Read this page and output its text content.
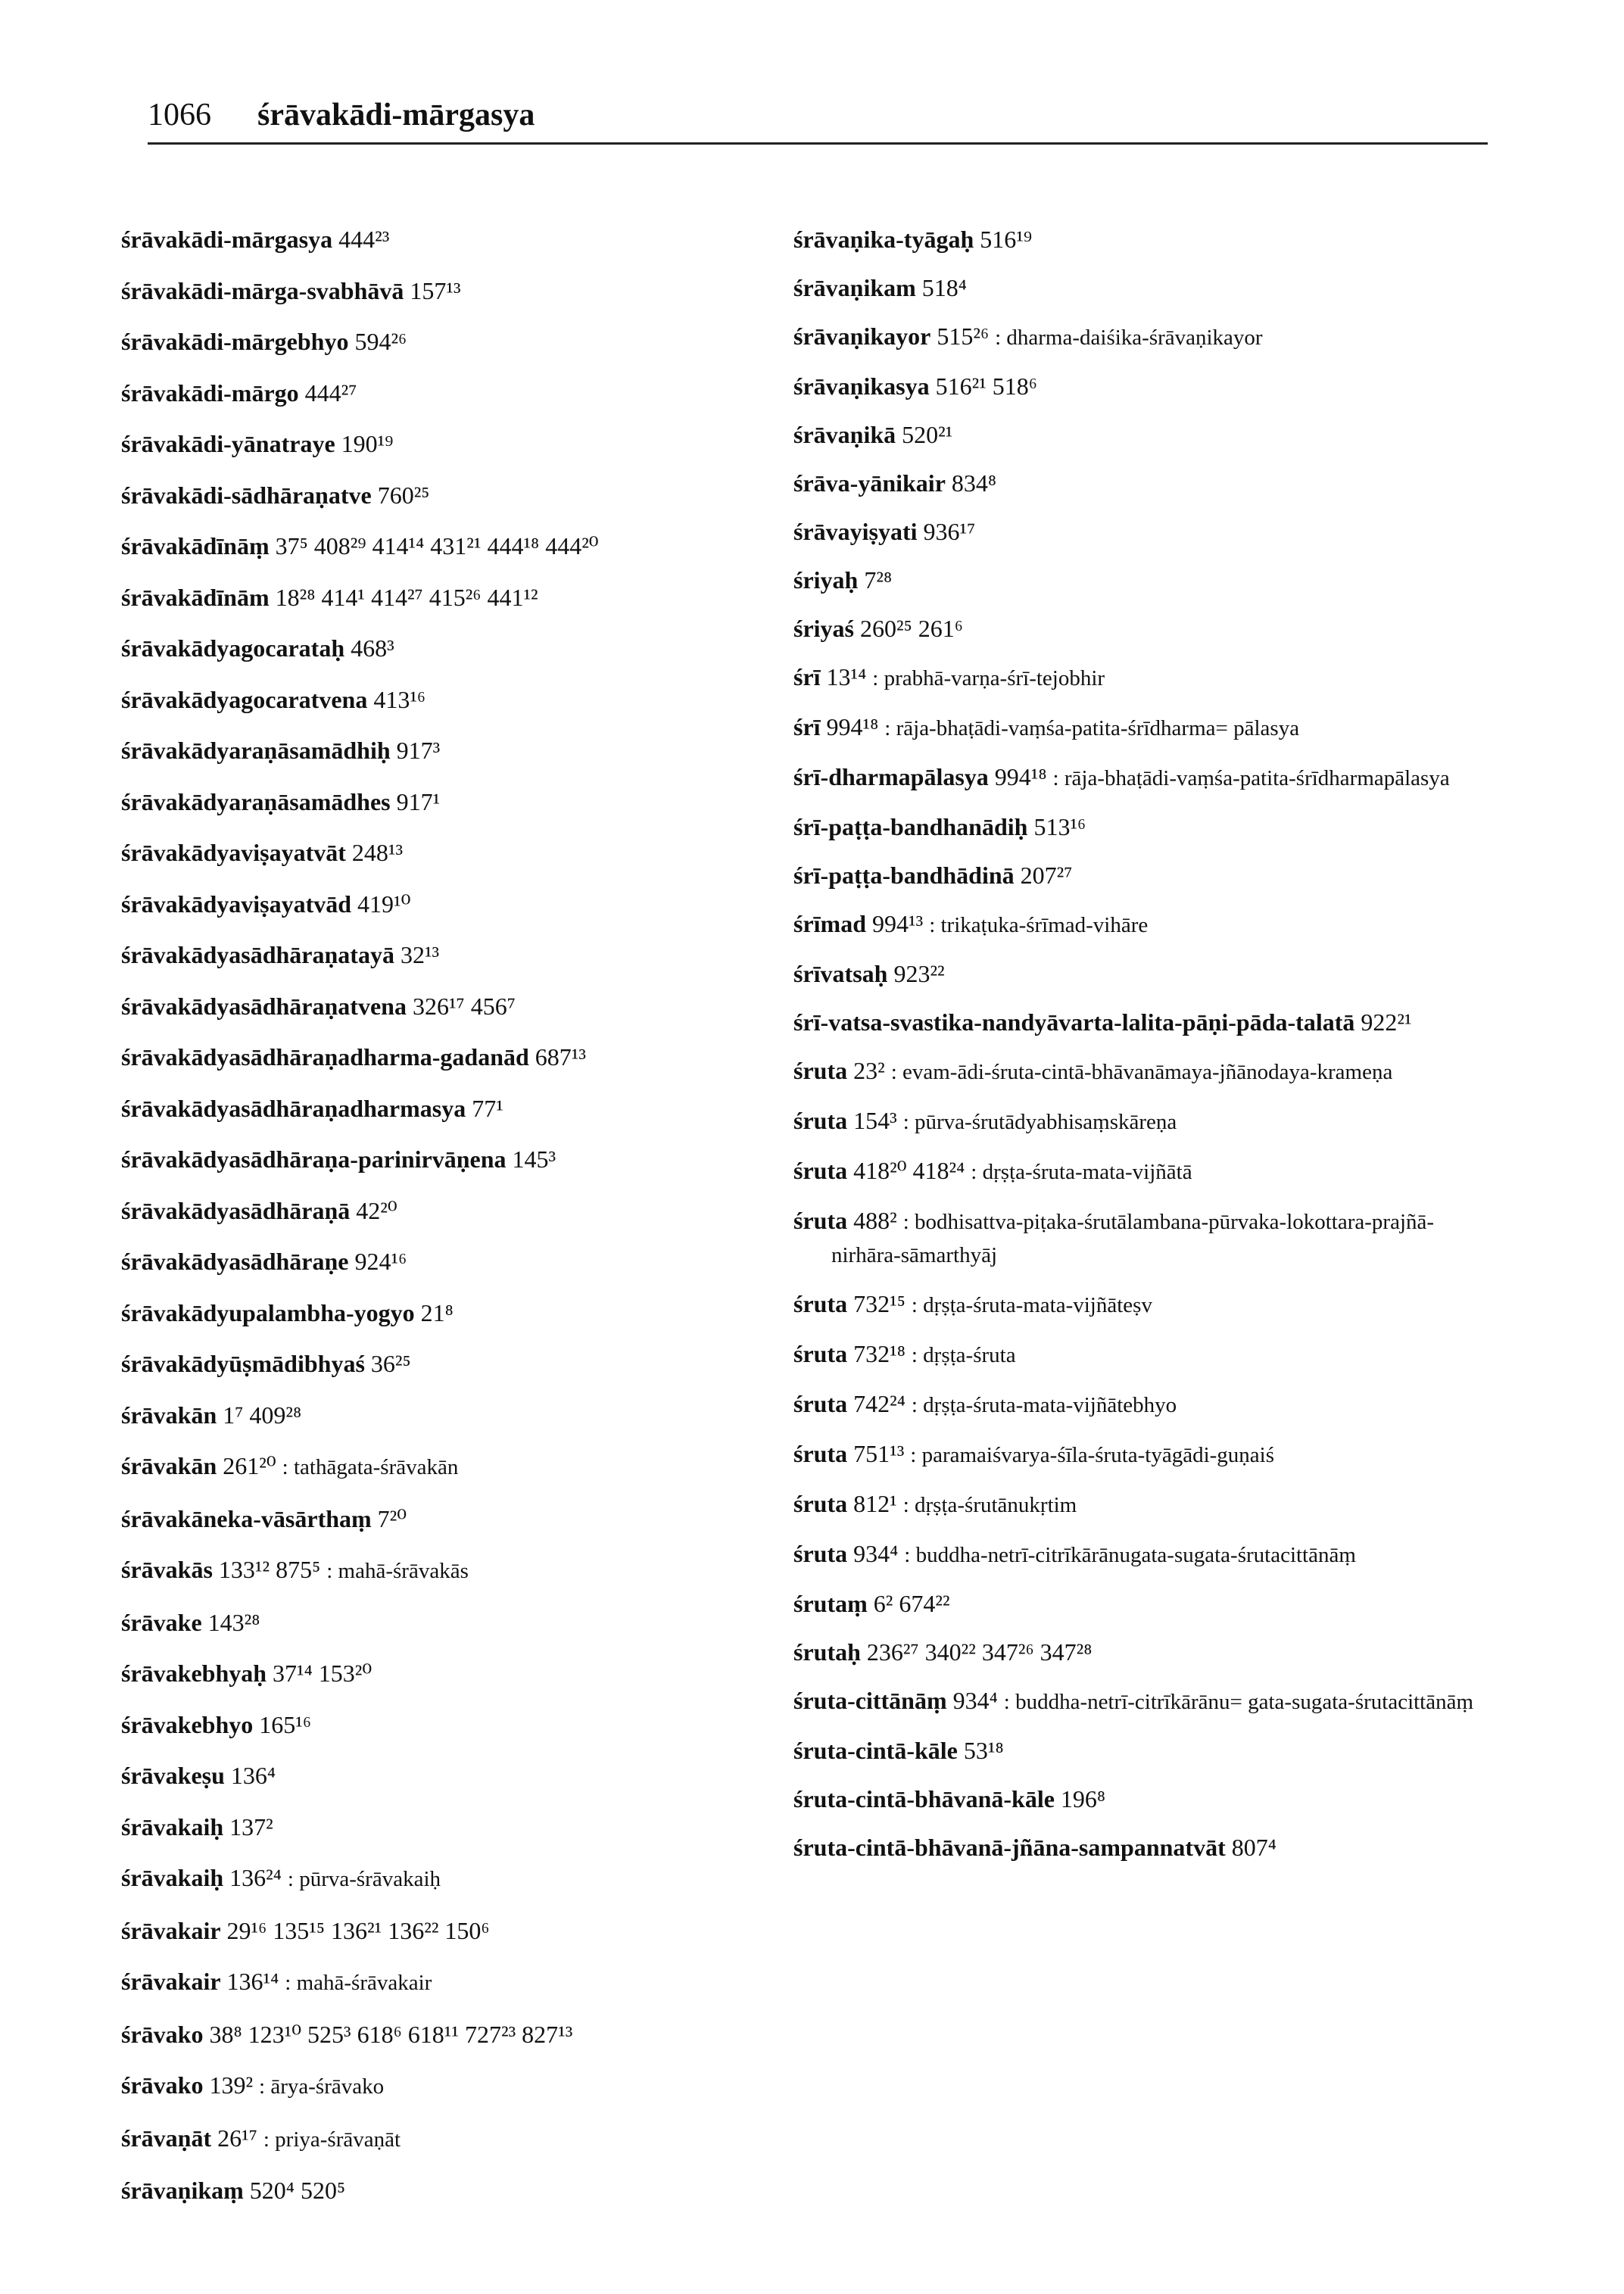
1066 śrāvakādi-mārgasya
śrāvakādi-mārgasya 444²³
śrāvakādi-mārga-svabhāvā 157¹³
śrāvakādi-mārgebhyo 594²⁶
śrāvakādi-mārgo 444²⁷
śrāvakādi-yānatraye 190¹⁹
śrāvakādi-sādhāraṇatve 760²⁵
śrāvakādīnāṃ 37⁵ 408²⁹ 414¹⁴ 431²¹ 444¹⁸ 444²⁰
śrāvakādīnām 18²⁸ 414¹ 414²⁷ 415²⁶ 441¹²
śrāvakādyagocarataḥ 468³
śrāvakādyagocaratvena 413¹⁶
śrāvakādyaraṇāsamādhiḥ 917³
śrāvakādyaraṇāsamādhes 917¹
śrāvakādyaviṣayatvāt 248¹³
śrāvakādyaviṣayatvād 419¹⁰
śrāvakādyasādhāraṇatayā 32¹³
śrāvakādyasādhāraṇatvena 326¹⁷ 456⁷
śrāvakādyasādhāraṇadharma-gadanād 687¹³
śrāvakādyasādhāraṇadharmasya 77¹
śrāvakādyasādhāraṇa-parinirvāṇena 145³
śrāvakādyasādhāraṇā 42²⁰
śrāvakādyasādhāraṇe 924¹⁶
śrāvakādyupalambha-yogyo 21⁸
śrāvakādyūṣmādibhyaś 36²⁵
śrāvakān 1⁷ 409²⁸
śrāvakān 261²⁰ : tathāgata-śrāvakān
śrāvakāneka-vāsārthaṃ 7²⁰
śrāvakās 133¹² 875⁵ : mahā-śrāvakās
śrāvake 143²⁸
śrāvakebhyaḥ 37¹⁴ 153²⁰
śrāvakebhyo 165¹⁶
śrāvakeṣu 136⁴
śrāvakaiḥ 137²
śrāvakaiḥ 136²⁴ : pūrva-śrāvakaiḥ
śrāvakair 29¹⁶ 135¹⁵ 136²¹ 136²² 150⁶
śrāvakair 136¹⁴ : mahā-śrāvakair
śrāvako 38⁸ 123¹⁰ 525³ 618⁶ 618¹¹ 727²³ 827¹³
śrāvako 139² : ārya-śrāvako
śrāvaṇāt 26¹⁷ : priya-śrāvaṇāt
śrāvaṇikaṃ 520⁴ 520⁵
śrāvaṇika-tyāgaḥ 516¹⁹
śrāvaṇikam 518⁴
śrāvaṇikayor 515²⁶ : dharma-daiśika-śrāvaṇikayor
śrāvaṇikasya 516²¹ 518⁶
śrāvaṇikā 520²¹
śrāva-yānikair 834⁸
śrāvayiṣyati 936¹⁷
śriyaḥ 7²⁸
śriyaś 260²⁵ 261⁶
śrī 13¹⁴ : prabhā-varṇa-śrī-tejobhir
śrī 994¹⁸ : rāja-bhaṭādi-vaṃśa-patita-śrīdharma= pālasya
śrī-dharmapālasya 994¹⁸ : rāja-bhaṭādi-vaṃśa-patita-śrīdharmapālasya
śrī-paṭṭa-bandhanādiḥ 513¹⁶
śrī-paṭṭa-bandhādinā 207²⁷
śrīmad 994¹³ : trikaṭuka-śrīmad-vihāre
śrīvatsaḥ 923²²
śrī-vatsa-svastika-nandyāvarta-lalita-pāṇi-pāda-talatā 922²¹
śruta 23² : evam-ādi-śruta-cintā-bhāvanāmaya-jñānodaya-krameṇa
śruta 154³ : pūrva-śrutādyabhisaṃskāreṇa
śruta 418²⁰ 418²⁴ : dṛṣṭa-śruta-mata-vijñātā
śruta 488² : bodhisattva-piṭaka-śrutālambana-pūrvaka-lokottara-prajñā-nirhāra-sāmarthyāj
śruta 732¹⁵ : dṛṣṭa-śruta-mata-vijñāteṣv
śruta 732¹⁸ : dṛṣṭa-śruta
śruta 742²⁴ : dṛṣṭa-śruta-mata-vijñātebhyo
śruta 751¹³ : paramaiśvarya-śīla-śruta-tyāgādi-guṇaiś
śruta 812¹ : dṛṣṭa-śrutānukṛtim
śruta 934⁴ : buddha-netrī-citrīkārānugata-sugata-śrutacittānāṃ
śrutaṃ 6² 674²²
śrutaḥ 236²⁷ 340²² 347²⁶ 347²⁸
śruta-cittānāṃ 934⁴ : buddha-netrī-citrīkārānu= gata-sugata-śrutacittānāṃ
śruta-cintā-kāle 53¹⁸
śruta-cintā-bhāvanā-kāle 196⁸
śruta-cintā-bhāvanā-jñāna-sampannatvāt 807⁴
